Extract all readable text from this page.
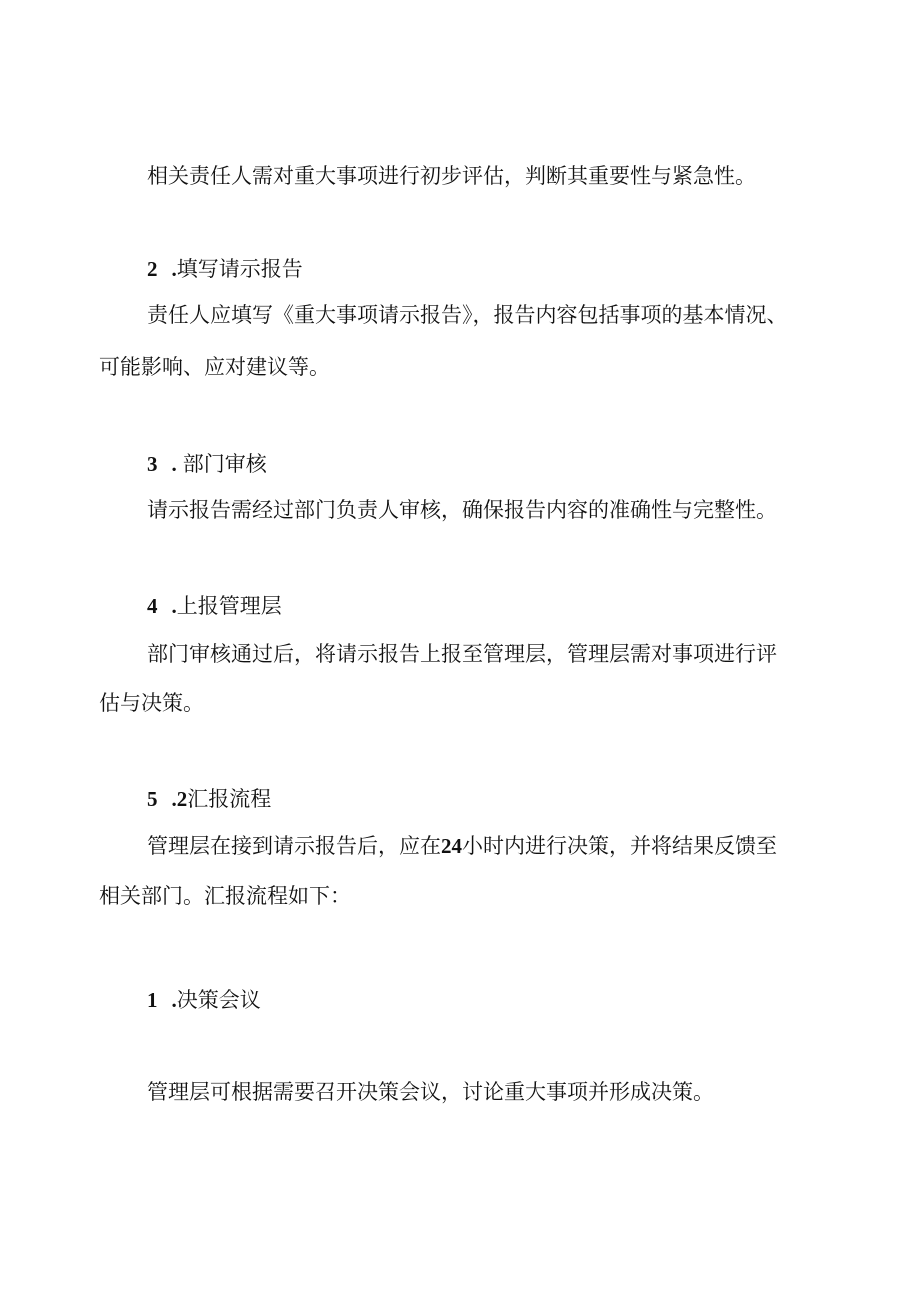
相关责任人需对重大事项进行初步评估，判断其重要性与紧急性。
2 .填写请示报告
责任人应填写《重大事项请示报告》，报告内容包括事项的基本情况、
可能影响、应对建议等。
3 . 部门审核
请示报告需经过部门负责人审核，确保报告内容的准确性与完整性。
4 .上报管理层
部门审核通过后，将请示报告上报至管理层，管理层需对事项进行评
估与决策。
5 .2汇报流程
管理层在接到请示报告后，应在24小时内进行决策，并将结果反馈至
相关部门。汇报流程如下：
1 .决策会议
管理层可根据需要召开决策会议，讨论重大事项并形成决策。
